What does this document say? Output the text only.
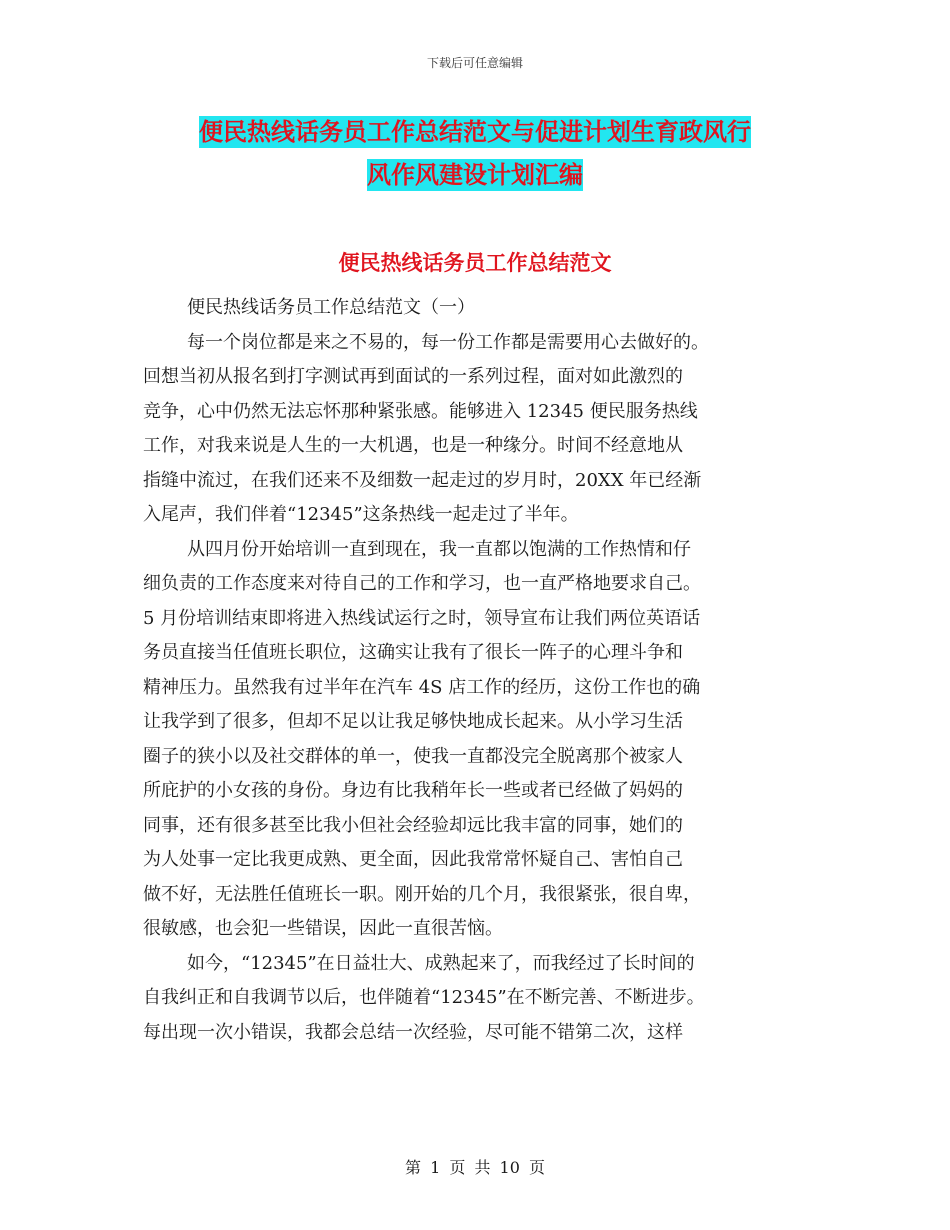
下载后可任意编辑
便民热线话务员工作总结范文与促进计划生育政风行
风作风建设计划汇编
便民热线话务员工作总结范文
便民热线话务员工作总结范文（一）
每一个岗位都是来之不易的，每一份工作都是需要用心去做好的。
回想当初从报名到打字测试再到面试的一系列过程，面对如此激烈的
竞争，心中仍然无法忘怀那种紧张感。能够进入 12345 便民服务热线
工作，对我来说是人生的一大机遇，也是一种缘分。时间不经意地从
指缝中流过，在我们还来不及细数一起走过的岁月时，20XX 年已经渐
入尾声，我们伴着“12345”这条热线一起走过了半年。
从四月份开始培训一直到现在，我一直都以饱满的工作热情和仔
细负责的工作态度来对待自己的工作和学习，也一直严格地要求自己。
5 月份培训结束即将进入热线试运行之时，领导宣布让我们两位英语话
务员直接当任值班长职位，这确实让我有了很长一阵子的心理斗争和
精神压力。虽然我有过半年在汽车 4S 店工作的经历，这份工作也的确
让我学到了很多，但却不足以让我足够快地成长起来。从小学习生活
圈子的狭小以及社交群体的单一，使我一直都没完全脱离那个被家人
所庇护的小女孩的身份。身边有比我稍年长一些或者已经做了妈妈的
同事，还有很多甚至比我小但社会经验却远比我丰富的同事，她们的
为人处事一定比我更成熟、更全面，因此我常常怀疑自己、害怕自己
做不好，无法胜任值班长一职。刚开始的几个月，我很紧张，很自卑，
很敏感，也会犯一些错误，因此一直很苦恼。
如今，“12345”在日益壮大、成熟起来了，而我经过了长时间的
自我纠正和自我调节以后，也伴随着“12345”在不断完善、不断进步。
每出现一次小错误，我都会总结一次经验，尽可能不错第二次，这样
第 1 页 共 10 页
